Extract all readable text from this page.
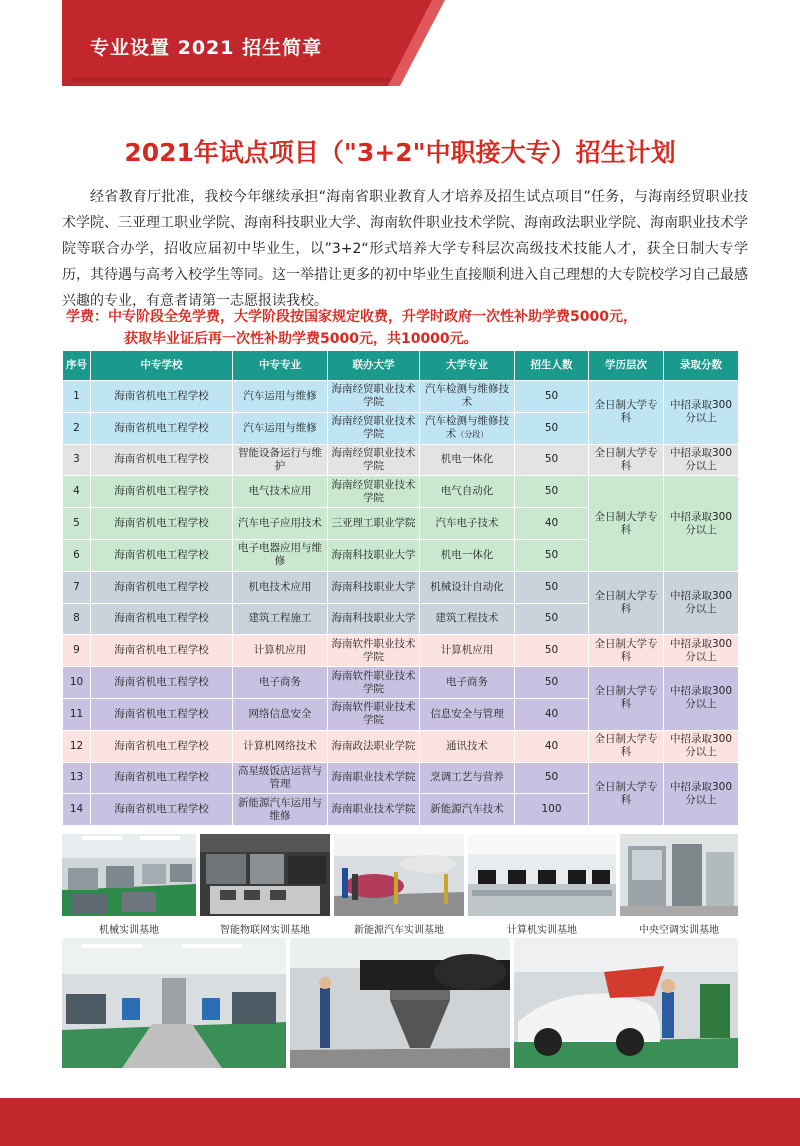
专业设置 2021 招生简章
2021年试点项目（"3+2"中职接大专）招生计划

经省教育厅批准，我校今年继续承担“海南省职业教育人才培养及招生试点项目”任务，与海南经贸职业技术学院、三亚理工职业学院、海南科技职业大学、海南软件职业技术学院、海南政法职业学院、海南职业技术学院等联合办学，招收应届初中毕业生，以”3+2“形式培养大学专科层次高级技术技能人才，获全日制大专学历，其待遇与高考入校学生等同。这一举措让更多的初中毕业生直接顺利进入自己理想的大专院校学习自己最感兴趣的专业，有意者请第一志愿报读我校。

学费：中专阶段全免学费，大学阶段按国家规定收费，升学时政府一次性补助学费5000元，
获取毕业证后再一次性补助学费5000元，共10000元。
序号	中专学校	中专专业	联办大学	大学专业	招生人数	学历层次	录取分数
1	海南省机电工程学校	汽车运用与维修	海南经贸职业技术学院	汽车检测与维修技术	50	全日制大学专科	中招录取300分以上
2	海南省机电工程学校	汽车运用与维修	海南经贸职业技术学院	汽车检测与维修技术（分段）	50		
3	海南省机电工程学校	智能设备运行与维护	海南经贸职业技术学院	机电一体化	50	全日制大学专科	中招录取300分以上
4	海南省机电工程学校	电气技术应用	海南经贸职业技术学院	电气自动化	50	全日制大学专科	中招录取300分以上
5	海南省机电工程学校	汽车电子应用技术	三亚理工职业学院	汽车电子技术	40		
6	海南省机电工程学校	电子电器应用与维修	海南科技职业大学	机电一体化	50		
7	海南省机电工程学校	机电技术应用	海南科技职业大学	机械设计自动化	50	全日制大学专科	中招录取300分以上
8	海南省机电工程学校	建筑工程施工	海南科技职业大学	建筑工程技术	50		
9	海南省机电工程学校	计算机应用	海南软件职业技术学院	计算机应用	50	全日制大学专科	中招录取300分以上
10	海南省机电工程学校	电子商务	海南软件职业技术学院	电子商务	50	全日制大学专科	中招录取300分以上
11	海南省机电工程学校	网络信息安全	海南软件职业技术学院	信息安全与管理	40		
12	海南省机电工程学校	计算机网络技术	海南政法职业学院	通讯技术	40	全日制大学专科	中招录取300分以上
13	海南省机电工程学校	高星级饭店运营与管理	海南职业技术学院	烹调工艺与营养	50	全日制大学专科	中招录取300分以上
14	海南省机电工程学校	新能源汽车运用与维修	海南职业技术学院	新能源汽车技术	100		
机械实训基地	智能物联网实训基地	新能源汽车实训基地	计算机实训基地	中央空调实训基地
